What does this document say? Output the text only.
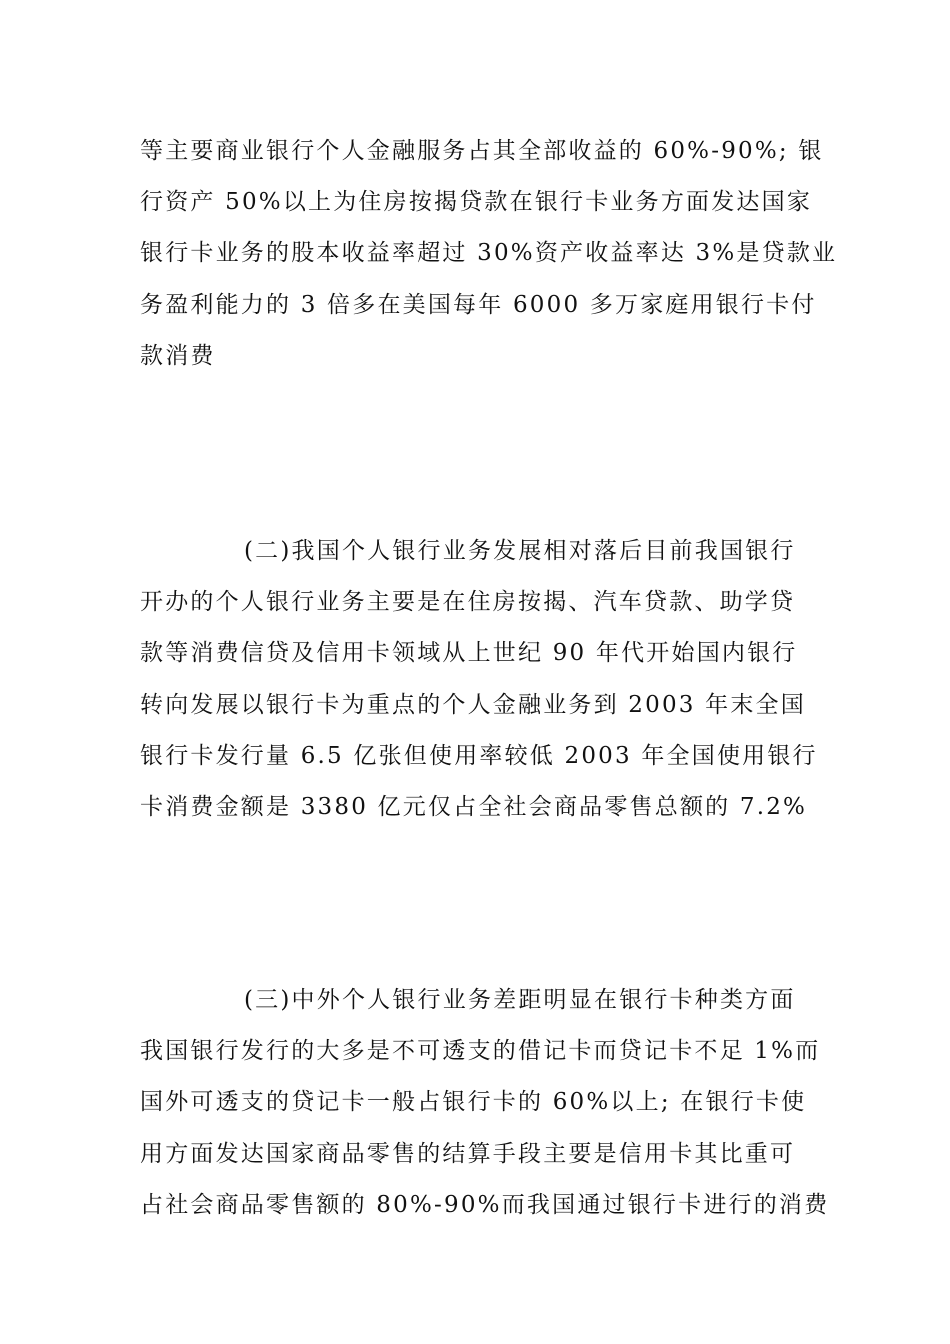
等主要商业银行个人金融服务占其全部收益的 60%-90%; 银
行资产 50%以上为住房按揭贷款在银行卡业务方面发达国家
银行卡业务的股本收益率超过 30%资产收益率达 3%是贷款业
务盈利能力的 3 倍多在美国每年 6000 多万家庭用银行卡付
款消费
(二)我国个人银行业务发展相对落后目前我国银行
开办的个人银行业务主要是在住房按揭、汽车贷款、助学贷
款等消费信贷及信用卡领域从上世纪 90 年代开始国内银行
转向发展以银行卡为重点的个人金融业务到 2003 年末全国
银行卡发行量 6.5 亿张但使用率较低 2003 年全国使用银行
卡消费金额是 3380 亿元仅占全社会商品零售总额的 7.2%
(三)中外个人银行业务差距明显在银行卡种类方面
我国银行发行的大多是不可透支的借记卡而贷记卡不足 1%而
国外可透支的贷记卡一般占银行卡的 60%以上; 在银行卡使
用方面发达国家商品零售的结算手段主要是信用卡其比重可
占社会商品零售额的 80%-90%而我国通过银行卡进行的消费
